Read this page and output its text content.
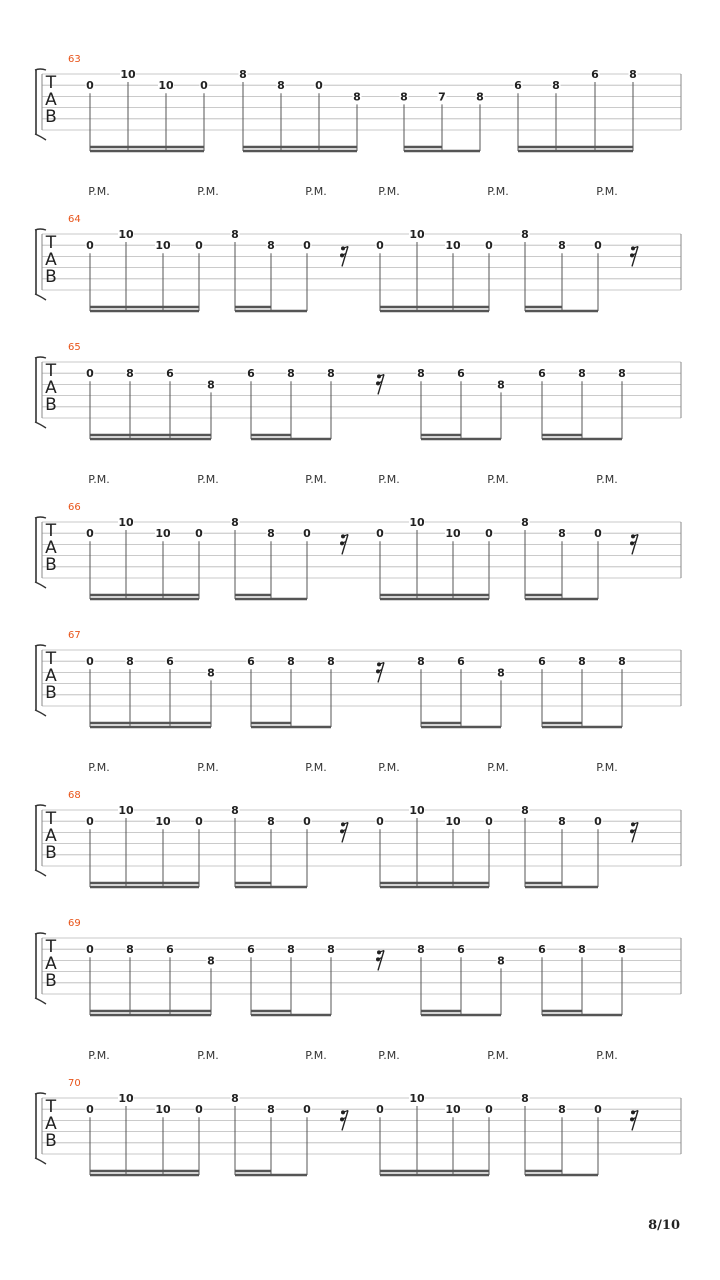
63
T
A
B
0
10
10 0
8
8	0
8	8	7	8
6	8
6	8
P.M.	P.M.	P.M.	P.M.	P.M.	P.M.
64
T
A
B
0
10
10 0
8
8	0	0
10
10 0
8
8	0
65
T
A
B
0	8	6
8
6	8	8	8	6
8
6	8	8
P.M.	P.M.	P.M.	P.M.	P.M.	P.M.
66
T
A
B
0
10
10 0
8
8	0	0
10
10 0
8
8	0
67
T
A
B
0	8	6
8
6	8	8	8	6
8
6	8	8
P.M.	P.M.	P.M.	P.M.	P.M.	P.M.
68
T
A
B
0
10
10 0
8
8	0	0
10
10 0
8
8	0
69
T
A
B
0	8	6
8
6	8	8	8	6
8
6	8	8
P.M.	P.M.	P.M.	P.M.	P.M.	P.M.
70
T
A
B
0
10
10 0
8
8	0	0
10
10 0
8
8	0
8/10
